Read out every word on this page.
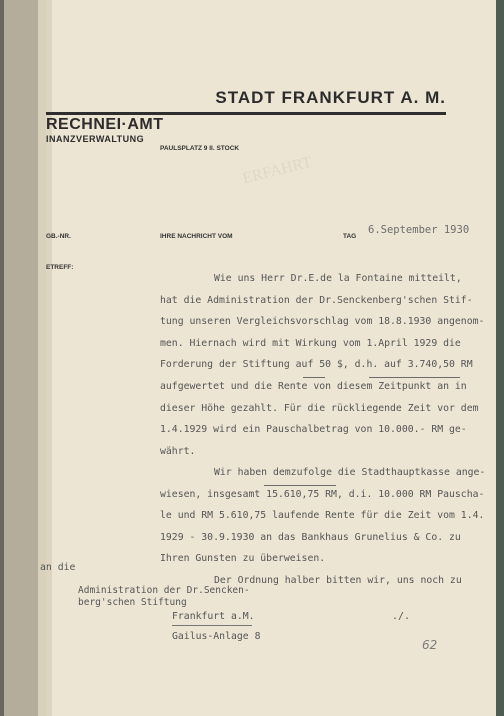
ERFAHRT
STADT FRANKFURT A. M.
RECHNEI·AMT
INANZVERWALTUNG
PAULSPLATZ 9 II. STOCK
GB.-NR.	IHRE NACHRICHT VOM	TAG
6.September 1930
ETREFF:
Wie uns Herr Dr.E.de la Fontaine mitteilt,
hat die Administration der Dr.Senckenberg'schen Stif-
tung unseren Vergleichsvorschlag vom 18.8.1930 angenom-
men. Hiernach wird mit Wirkung vom 1.April 1929 die
Forderung der Stiftung auf 50 $, d.h. auf 3.740,50 RM
aufgewertet und die Rente von diesem Zeitpunkt an in
dieser Höhe gezahlt. Für die rückliegende Zeit vor dem
1.4.1929 wird ein Pauschalbetrag von 10.000.- RM ge-
währt.
Wir haben demzufolge die Stadthauptkasse ange-
wiesen, insgesamt 15.610,75 RM, d.i. 10.000 RM Pauscha-
le und RM 5.610,75 laufende Rente für die Zeit vom 1.4.
1929 - 30.9.1930 an das Bankhaus Grunelius & Co. zu
Ihren Gunsten zu überweisen.
Der Ordnung halber bitten wir, uns noch zu
an die
Administration der Dr.Sencken-
berg'schen Stiftung
Frankfurt a.M.	./.
Gailus-Anlage 8
62
